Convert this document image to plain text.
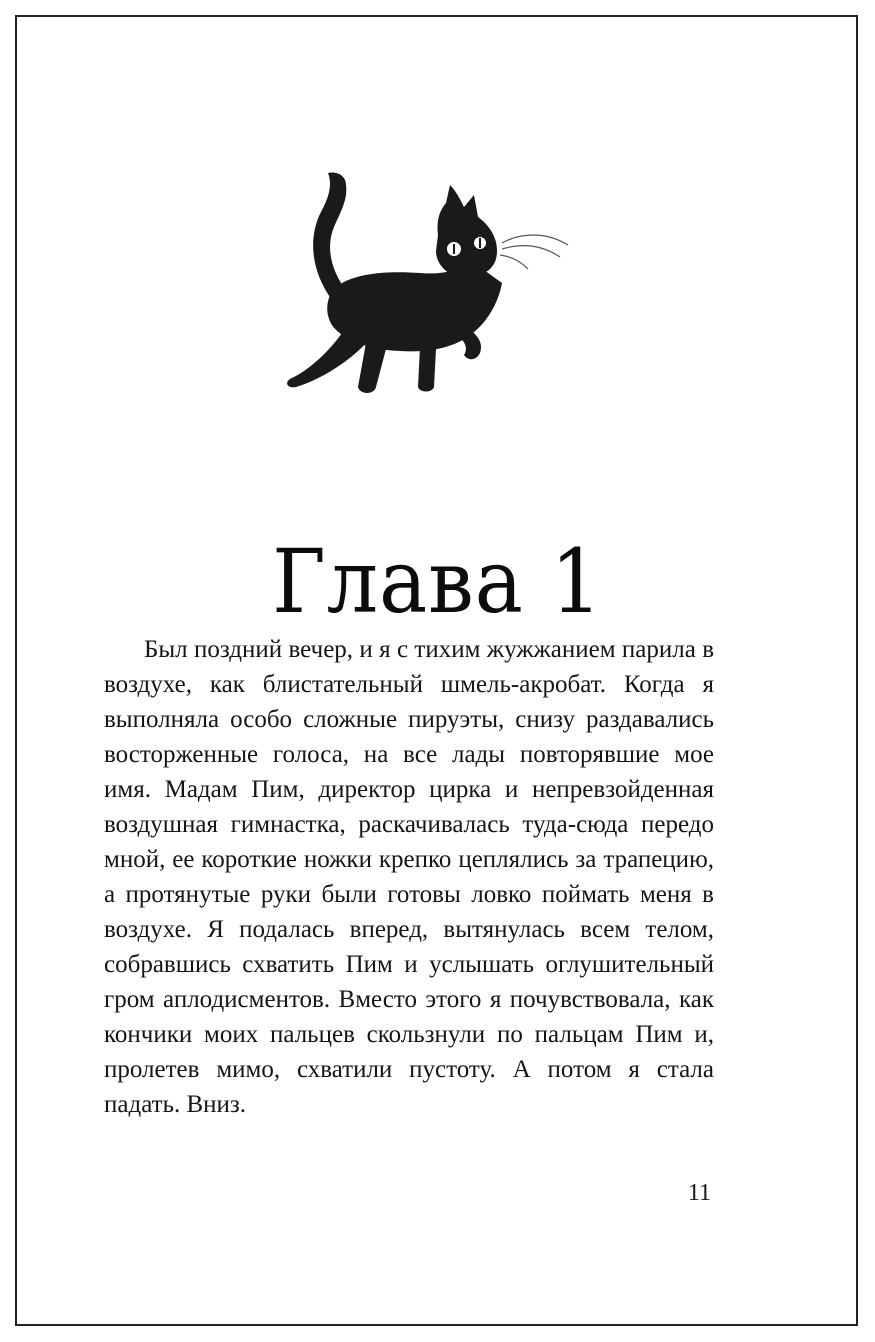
Глава 1

Был поздний вечер, и я с тихим жужжанием парила в воздухе, как блистательный шмель-акробат. Когда я выполняла особо сложные пируэты, снизу раздавались восторженные голоса, на все лады повторявшие мое имя. Мадам Пим, директор цирка и непревзойденная воздушная гимнастка, раскачивалась туда-сюда передо мной, ее короткие ножки крепко цеплялись за трапецию, а протянутые руки были готовы ловко поймать меня в воздухе. Я подалась вперед, вытянулась всем телом, собравшись схватить Пим и услышать оглушительный гром аплодисментов. Вместо этого я почувствовала, как кончики моих пальцев скользнули по пальцам Пим и, пролетев мимо, схватили пустоту. А потом я стала падать. Вниз.

11
